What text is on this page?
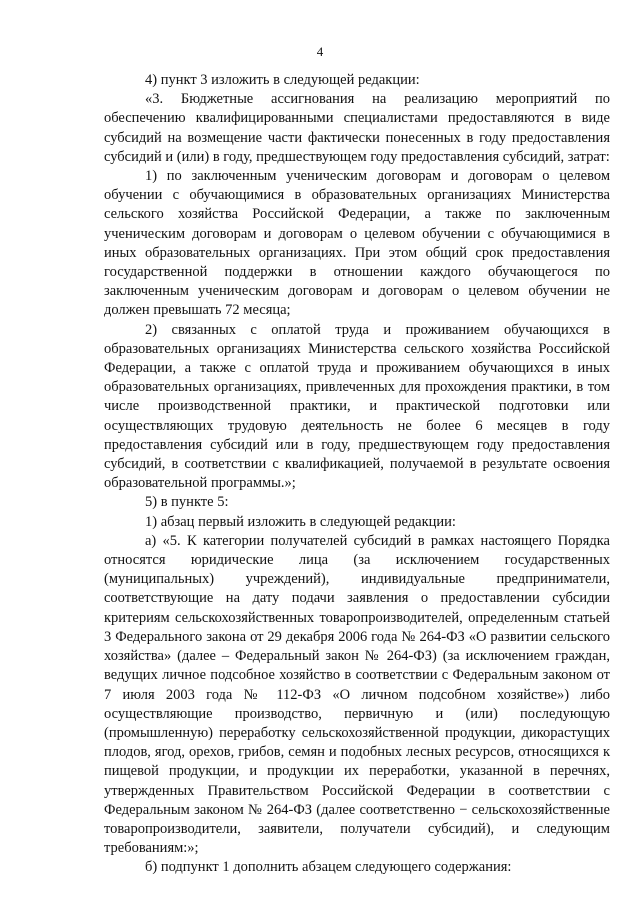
4

4) пункт 3 изложить в следующей редакции:

«3. Бюджетные ассигнования на реализацию мероприятий по обеспечению квалифицированными специалистами предоставляются в виде субсидий на возмещение части фактически понесенных в году предоставления субсидий и (или) в году, предшествующем году предоставления субсидий, затрат:

1) по заключенным ученическим договорам и договорам о целевом обучении с обучающимися в образовательных организациях Министерства сельского хозяйства Российской Федерации, а также по заключенным ученическим договорам и договорам о целевом обучении с обучающимися в иных образовательных организациях. При этом общий срок предоставления государственной поддержки в отношении каждого обучающегося по заключенным ученическим договорам и договорам о целевом обучении не должен превышать 72 месяца;

2) связанных с оплатой труда и проживанием обучающихся в образовательных организациях Министерства сельского хозяйства Российской Федерации, а также с оплатой труда и проживанием обучающихся в иных образовательных организациях, привлеченных для прохождения практики, в том числе производственной практики, и практической подготовки или осуществляющих трудовую деятельность не более 6 месяцев в году предоставления субсидий или в году, предшествующем году предоставления субсидий, в соответствии с квалификацией, получаемой в результате освоения образовательной программы.»;

5) в пункте 5:

1) абзац первый изложить в следующей редакции:

а) «5. К категории получателей субсидий в рамках настоящего Порядка относятся юридические лица (за исключением государственных (муниципальных) учреждений), индивидуальные предприниматели, соответствующие на дату подачи заявления о предоставлении субсидии критериям сельскохозяйственных товаропроизводителей, определенным статьей 3 Федерального закона от 29 декабря 2006 года № 264-ФЗ «О развитии сельского хозяйства» (далее – Федеральный закон № 264-ФЗ) (за исключением граждан, ведущих личное подсобное хозяйство в соответствии с Федеральным законом от 7 июля 2003 года № 112-ФЗ «О личном подсобном хозяйстве») либо осуществляющие производство, первичную и (или) последующую (промышленную) переработку сельскохозяйственной продукции, дикорастущих плодов, ягод, орехов, грибов, семян и подобных лесных ресурсов, относящихся к пищевой продукции, и продукции их переработки, указанной в перечнях, утвержденных Правительством Российской Федерации в соответствии с Федеральным законом № 264-ФЗ (далее соответственно − сельскохозяйственные товаропроизводители, заявители, получатели субсидий), и следующим требованиям:»;

б) подпункт 1 дополнить абзацем следующего содержания:
